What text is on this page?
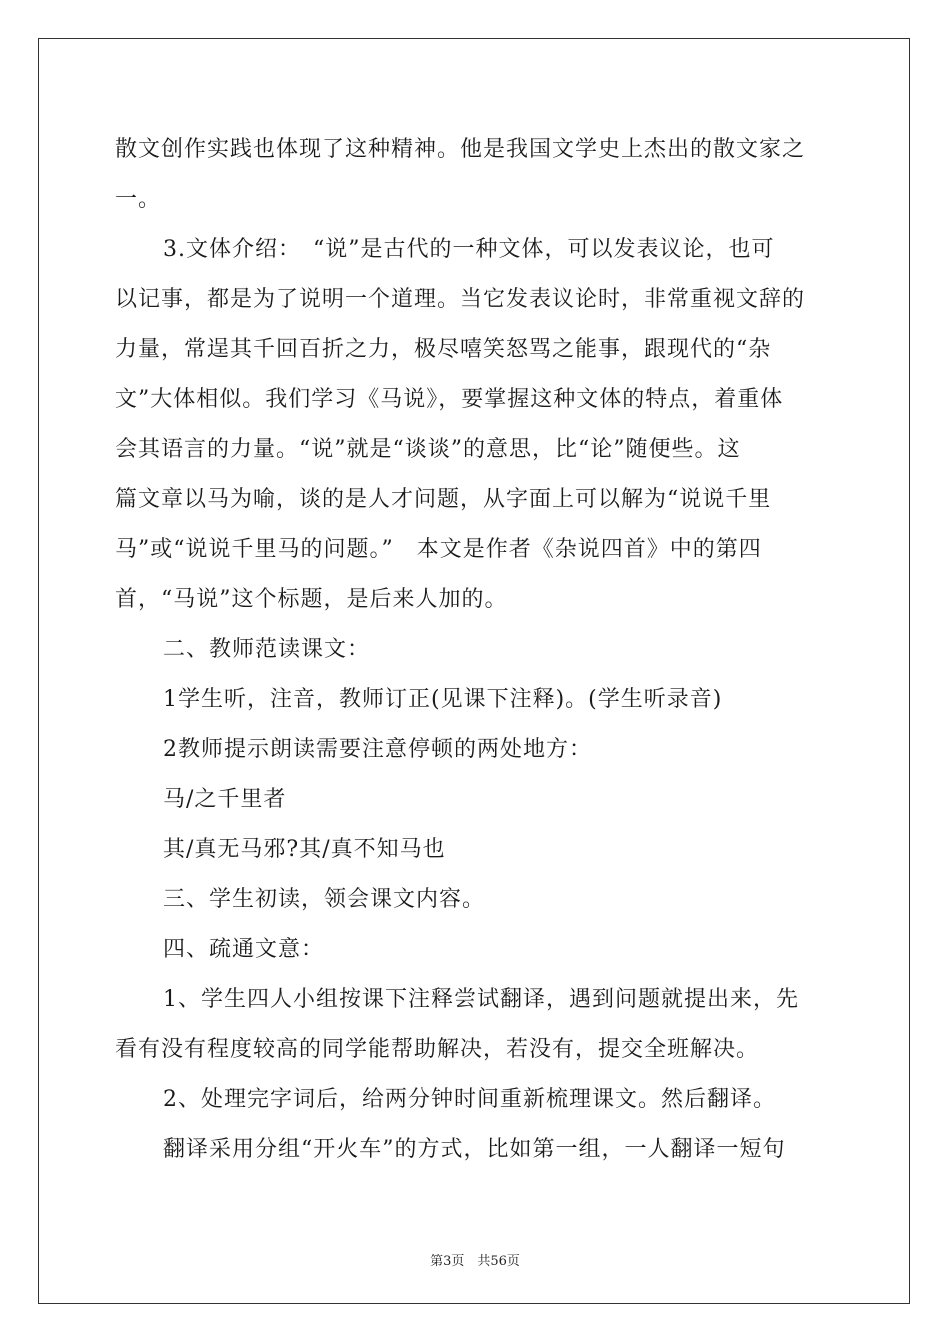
散文创作实践也体现了这种精神。他是我国文学史上杰出的散文家之
一。
3.文体介绍：　“说”是古代的一种文体，可以发表议论，也可
以记事，都是为了说明一个道理。当它发表议论时，非常重视文辞的
力量，常逞其千回百折之力，极尽嘻笑怒骂之能事，跟现代的“杂
文”大体相似。我们学习《马说》，要掌握这种文体的特点，着重体
会其语言的力量。“说”就是“谈谈”的意思，比“论”随便些。这
篇文章以马为喻，谈的是人才问题，从字面上可以解为“说说千里
马”或“说说千里马的问题。”　本文是作者《杂说四首》中的第四
首，“马说”这个标题，是后来人加的。
二、教师范读课文：
1学生听，注音，教师订正(见课下注释)。(学生听录音)
2教师提示朗读需要注意停顿的两处地方：
马/之千里者
其/真无马邪?其/真不知马也
三、学生初读，领会课文内容。
四、疏通文意：
1、学生四人小组按课下注释尝试翻译，遇到问题就提出来，先
看有没有程度较高的同学能帮助解决，若没有，提交全班解决。
2、处理完字词后，给两分钟时间重新梳理课文。然后翻译。
翻译采用分组“开火车”的方式，比如第一组，一人翻译一短句
第3页　共56页
